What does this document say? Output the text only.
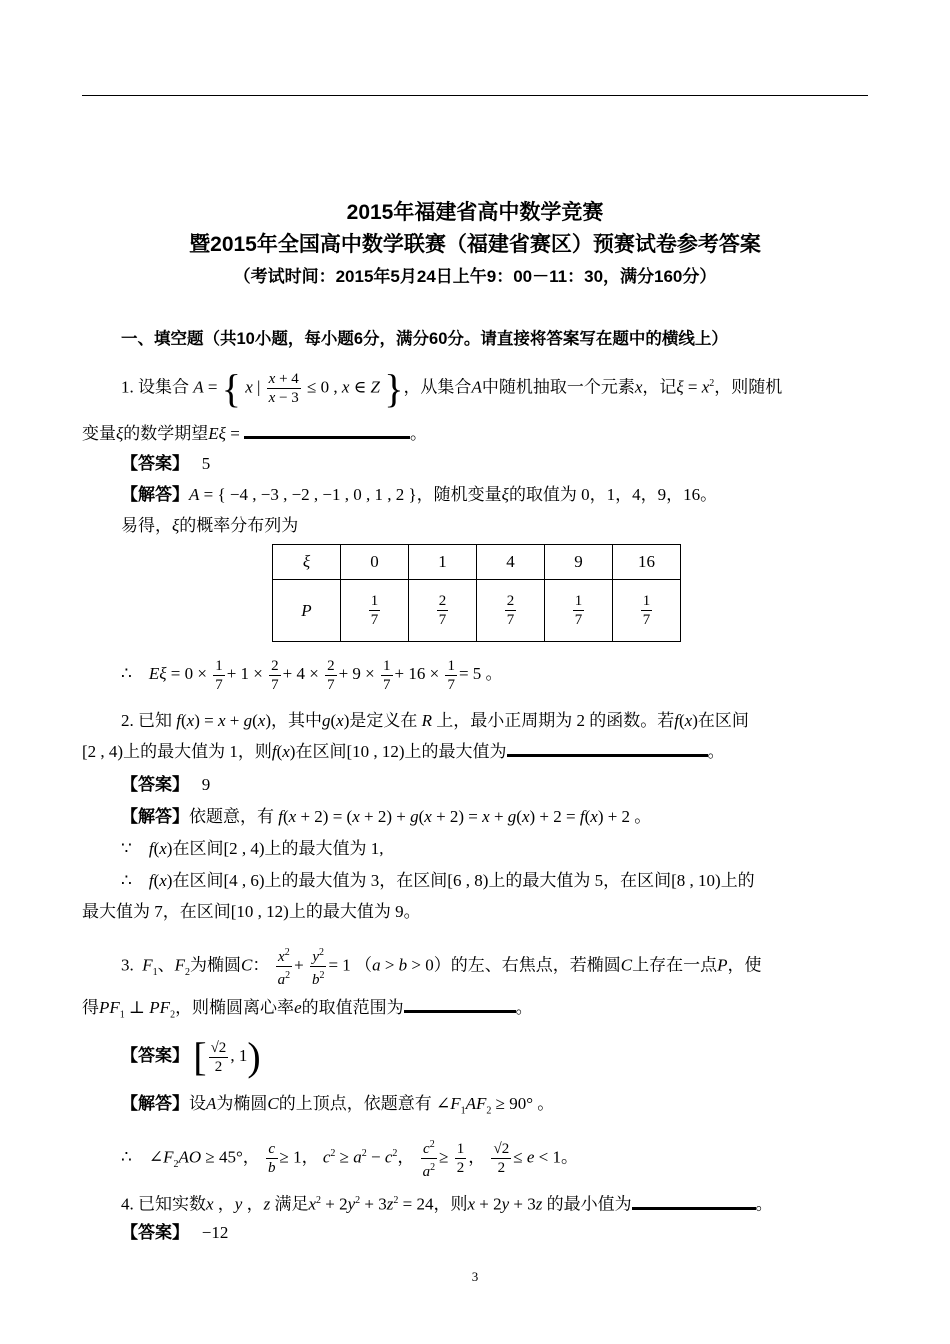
2015年福建省高中数学竞赛
暨2015年全国高中数学联赛（福建省赛区）预赛试卷参考答案
（考试时间：2015年5月24日上午9：00－11：30，满分160分）
一、填空题（共10小题，每小题6分，满分60分。请直接将答案写在题中的横线上）
1. 设集合 A = { x | $\frac{x + 4}{x - 3} \le 0$ , x ∈ Z }，从集合A中随机抽取一个元素x，记$\xi = x^2$，则随机
变量ξ的数学期望Eξ =	。
【答案】 5
【解答】A = { −4 , −3 , −2 , −1 , 0 , 1 , 2 }，随机变量ξ的取值为 0，1，4，9，16。
易得，ξ的概率分布列为
ξ	0	1	4	9	16
P	$\frac{1}{7}$	$\frac{2}{7}$	$\frac{2}{7}$	$\frac{1}{7}$	$\frac{1}{7}$
∴    $E\xi = 0 \times \frac{1}{7} + 1 \times \frac{2}{7} + 4 \times \frac{2}{7} + 9 \times \frac{1}{7} + 16 \times \frac{1}{7} = 5$ 。
2. 已知 f(x) = x + g(x)，其中g(x)是定义在 R 上，最小正周期为 2 的函数。若f(x)在区间
[2 , 4)上的最大值为 1，则f(x)在区间[10 , 12)上的最大值为	。
【答案】 9
【解答】依题意，有 f(x + 2) = (x + 2) + g(x + 2) = x + g(x) + 2 = f(x) + 2 。
∵    f(x)在区间[2 , 4)上的最大值为 1,
∴    f(x)在区间[4 , 6)上的最大值为 3，在区间[6 , 8)上的最大值为 5，在区间[8 , 10)上的
最大值为 7，在区间[10 , 12)上的最大值为 9。
3. $F_1$、$F_2$为椭圆C： $\frac{x^2}{a^2} + \frac{y^2}{b^2} = 1$ （a > b > 0）的左、右焦点，若椭圆C上存在一点P，使
得$PF_1$ ⊥ $PF_2$，则椭圆离心率e的取值范围为	。
【答案】 [ $\frac{√2}{2}$ , 1)
【解答】设A为椭圆C的上顶点，依题意有 $\angle F_1AF_2 \ge 90^\circ$ 。
∴    $\angle F_2AO \ge 45^\circ$， $\frac{c}{b} \ge 1$， $c^2 \ge a^2 - c^2$， $\frac{c^2}{a^2} \ge \frac{1}{2}$ ， $\frac{√2}{2} \le e < 1$。
4. 已知实数x ，y ，z 满足$x^2 + 2y^2 + 3z^2 = 24$，则x + 2y + 3z 的最小值为	。
【答案】 −12
3
